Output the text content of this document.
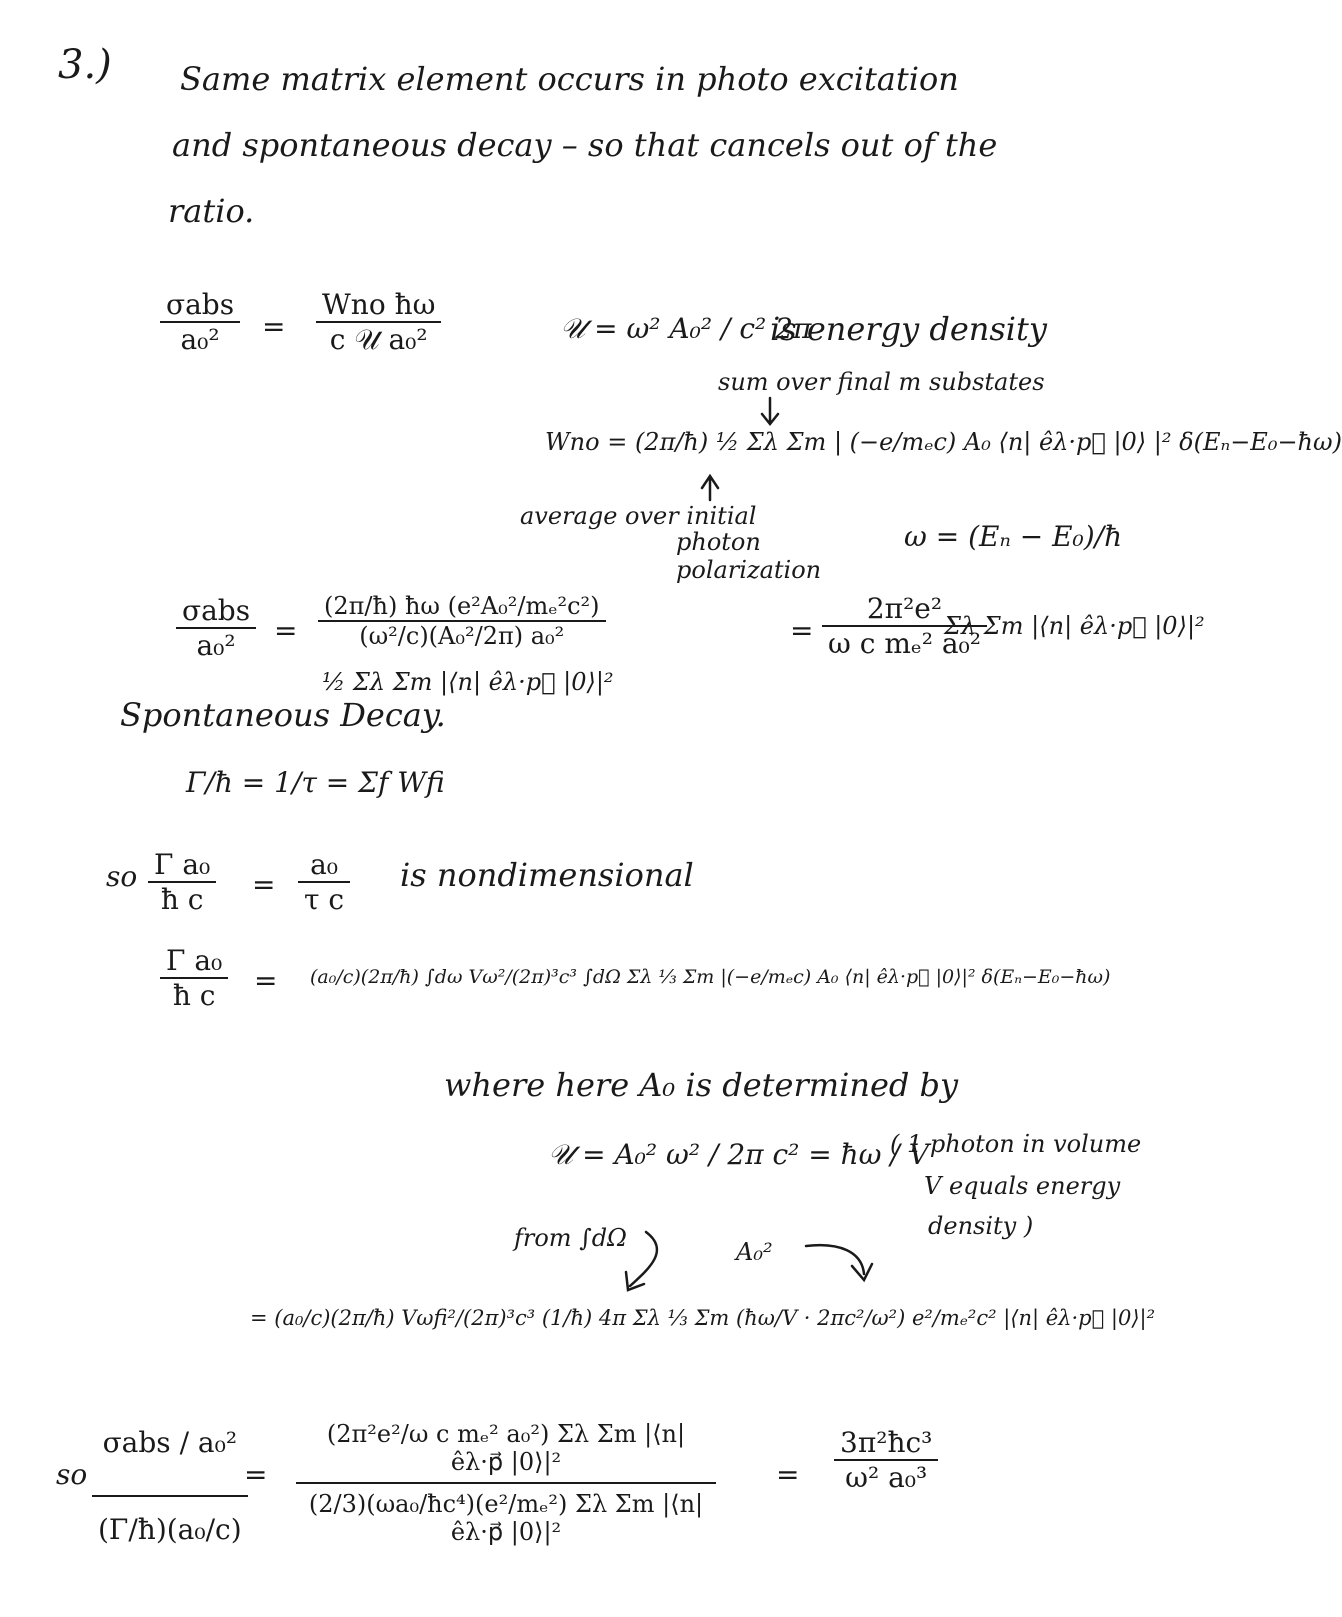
3.) Same matrix element occurs in photo excitation
and spontaneous decay – so that cancels out of the
ratio.
σabs
a₀²	=
Wno ħω
c 𝒰 a₀²	𝒰 = ω² A₀² / c² 2π
is energy density
sum over final m substates
Wno = (2π/ħ) ½ Σλ Σm | (−e/mₑc) A₀ ⟨n| êλ·p⃗ |0⟩ |² δ(Eₙ−E₀−ħω)
average over initial
photon
polarization
ω = (Eₙ − E₀)/ħ
σabs
a₀²	=
(2π/ħ) ħω (e²A₀²/mₑ²c²)
(ω²/c)(A₀²/2π) a₀²
½ Σλ Σm |⟨n| êλ·p⃗ |0⟩|²
=
2π²e²
ω c mₑ² a₀²
Σλ Σm |⟨n| êλ·p⃗ |0⟩|²
Spontaneous Decay.
Γ/ħ = 1/τ = Σf Wfi
so Γ a₀
ħ c	=
a₀
τ c
is nondimensional
Γ a₀
ħ c	= (a₀/c)(2π/ħ) ∫dω Vω²/(2π)³c³ ∫dΩ Σλ ⅓ Σm |(−e/mₑc) A₀ ⟨n| êλ·p⃗ |0⟩|² δ(Eₙ−E₀−ħω)
where here A₀ is determined by
𝒰 = A₀² ω² / 2π c² = ħω / V
( 1 photon in volume
V equals energy
density )
from ∫dΩ	A₀²
= (a₀/c)(2π/ħ) Vωfi²/(2π)³c³ (1/ħ) 4π Σλ ⅓ Σm (ħω/V · 2πc²/ω²) e²/mₑ²c² |⟨n| êλ·p⃗ |0⟩|²
so
σabs / a₀²
(Γ/ħ)(a₀/c)
=
(2π²e²/ω c mₑ² a₀²) Σλ Σm |⟨n| êλ·p⃗ |0⟩|²
(2/3)(ωa₀/ħc⁴)(e²/mₑ²) Σλ Σm |⟨n| êλ·p⃗ |0⟩|²
=
3π²ħc³
ω² a₀³
